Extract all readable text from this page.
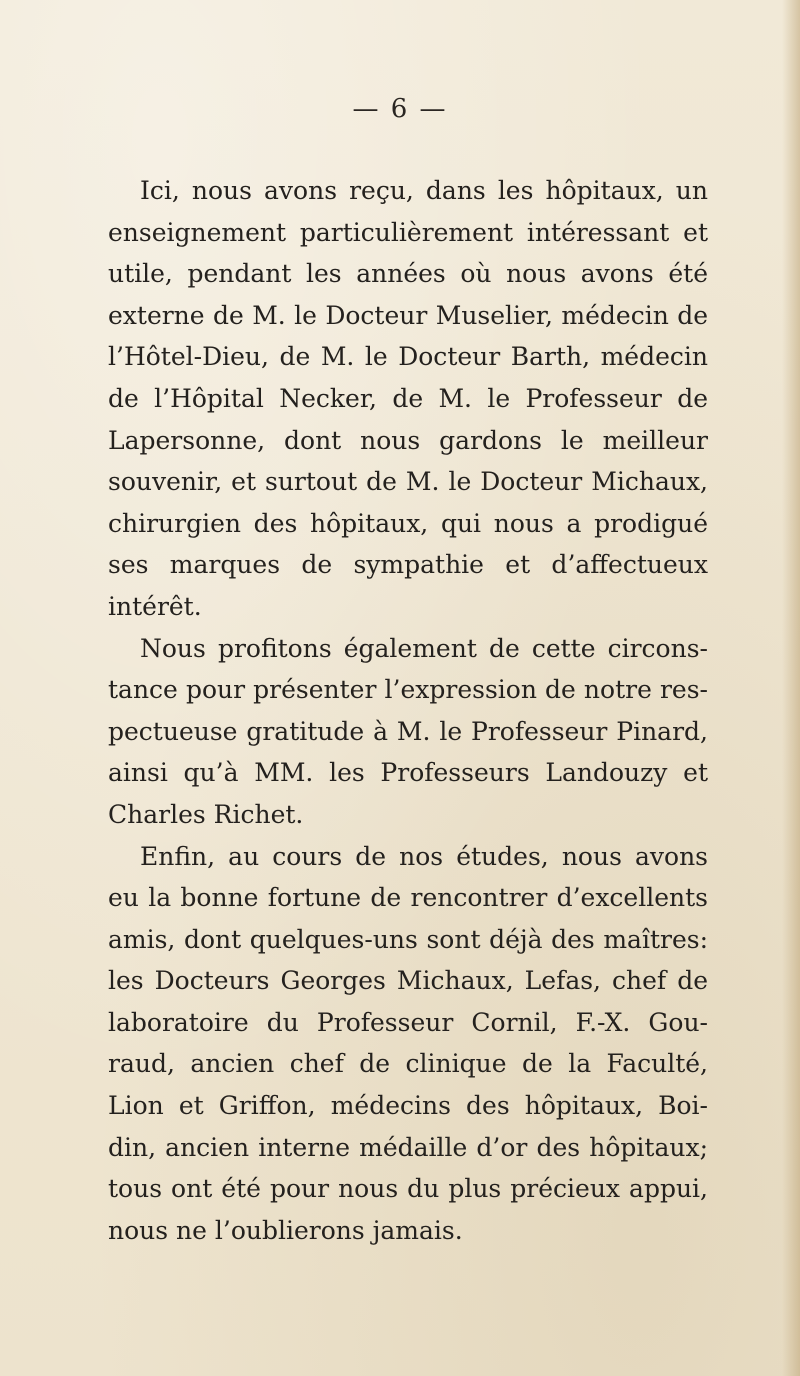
— 6 —
Ici, nous avons reçu, dans les hôpitaux, un
enseignement particulièrement intéressant et
utile, pendant les années où nous avons été
externe de M. le Docteur Muselier, médecin de
l’Hôtel-Dieu, de M. le Docteur Barth, médecin
de l’Hôpital Necker, de M. le Professeur de
Lapersonne, dont nous gardons le meilleur
souvenir, et surtout de M. le Docteur Michaux,
chirurgien des hôpitaux, qui nous a prodigué
ses marques de sympathie et d’affectueux
intérêt.
Nous profitons également de cette circons-
tance pour présenter l’expression de notre res-
pectueuse gratitude à M. le Professeur Pinard,
ainsi qu’à MM. les Professeurs Landouzy et
Charles Richet.
Enfin, au cours de nos études, nous avons
eu la bonne fortune de rencontrer d’excellents
amis, dont quelques-uns sont déjà des maîtres:
les Docteurs Georges Michaux, Lefas, chef de
laboratoire du Professeur Cornil, F.-X. Gou-
raud, ancien chef de clinique de la Faculté,
Lion et Griffon, médecins des hôpitaux, Boi-
din, ancien interne médaille d’or des hôpitaux;
tous ont été pour nous du plus précieux appui,
nous ne l’oublierons jamais.
